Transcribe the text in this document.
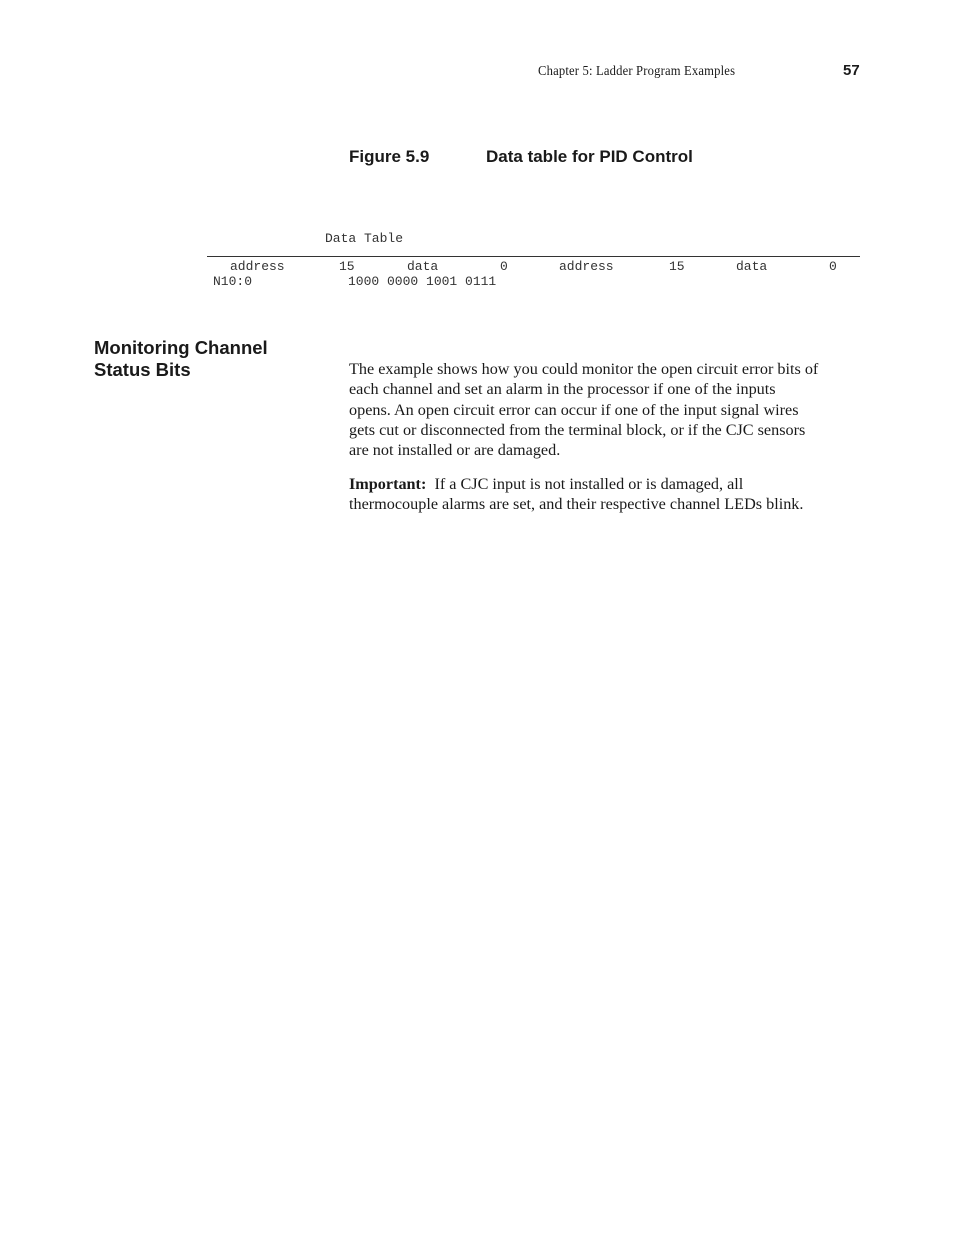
Chapter 5: Ladder Program Examples	57
Figure 5.9	Data table for PID Control
Data Table
address	15	data	0	address	15	data	0
N10:0	1000 0000 1001 0111
Monitoring Channel
Status Bits	The example shows how you could monitor the open circuit error bits of
each channel and set an alarm in the processor if one of the inputs
opens. An open circuit error can occur if one of the input signal wires
gets cut or disconnected from the terminal block, or if the CJC sensors
are not installed or are damaged.
Important: If a CJC input is not installed or is damaged, all
thermocouple alarms are set, and their respective channel LEDs blink.
